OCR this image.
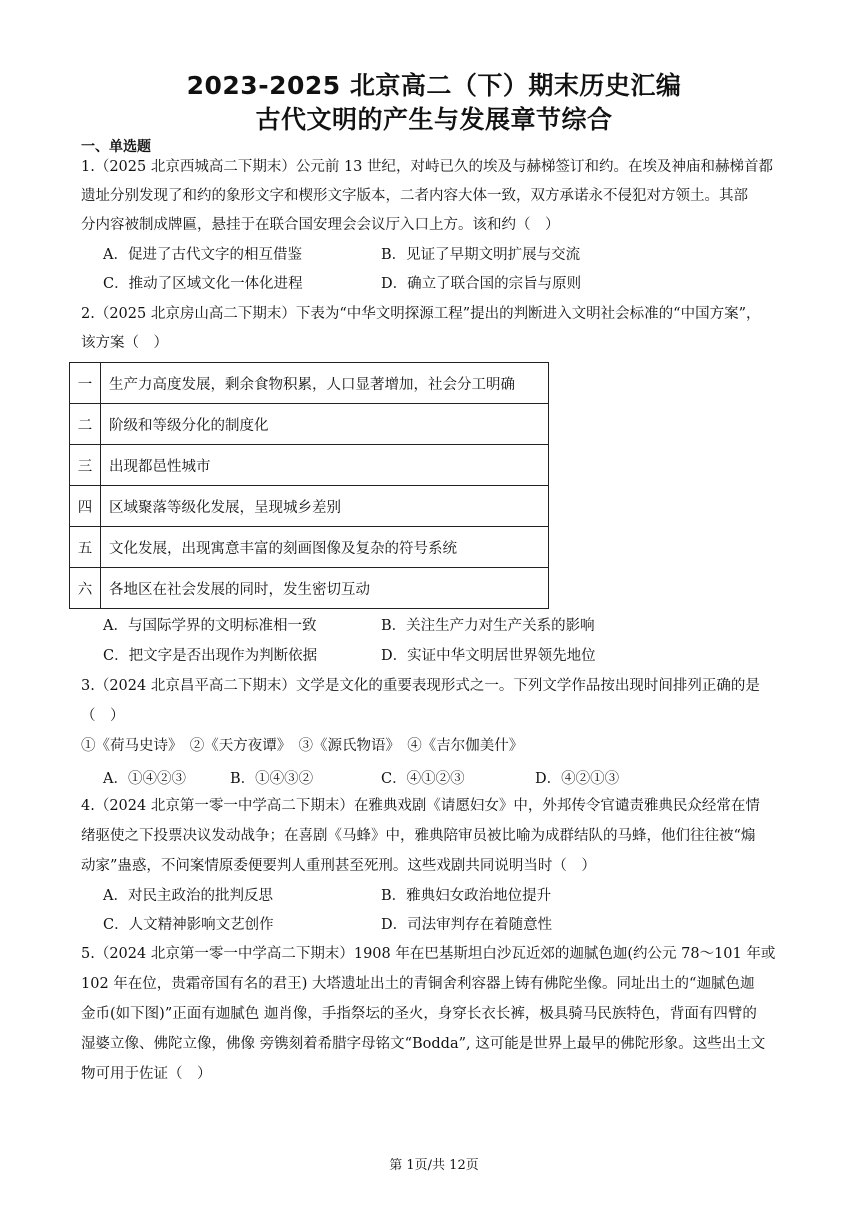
2023-2025 北京高二（下）期末历史汇编
古代文明的产生与发展章节综合
一、单选题
1.（2025 北京西城高二下期末）公元前 13 世纪，对峙已久的埃及与赫梯签订和约。在埃及神庙和赫梯首都
遗址分别发现了和约的象形文字和楔形文字版本，二者内容大体一致，双方承诺永不侵犯对方领土。其部
分内容被制成牌匾，悬挂于在联合国安理会会议厅入口上方。该和约（　）
A．促进了古代文字的相互借鉴	B．见证了早期文明扩展与交流
C．推动了区域文化一体化进程	D．确立了联合国的宗旨与原则
2.（2025 北京房山高二下期末）下表为“中华文明探源工程”提出的判断进入文明社会标准的“中国方案”，
该方案（　）
一	生产力高度发展，剩余食物积累，人口显著增加，社会分工明确
二	阶级和等级分化的制度化
三	出现都邑性城市
四	区域聚落等级化发展，呈现城乡差别
五	文化发展，出现寓意丰富的刻画图像及复杂的符号系统
六	各地区在社会发展的同时，发生密切互动
A．与国际学界的文明标准相一致	B．关注生产力对生产关系的影响
C．把文字是否出现作为判断依据	D．实证中华文明居世界领先地位
3.（2024 北京昌平高二下期末）文学是文化的重要表现形式之一。下列文学作品按出现时间排列正确的是
（　）
①《荷马史诗》　②《天方夜谭》　③《源氏物语》　④《吉尔伽美什》
A．①④②③	B．①④③②	C．④①②③	D．④②①③
4.（2024 北京第一零一中学高二下期末）在雅典戏剧《请愿妇女》中，外邦传令官谴责雅典民众经常在情
绪驱使之下投票决议发动战争；在喜剧《马蜂》中，雅典陪审员被比喻为成群结队的马蜂，他们往往被“煽
动家”蛊惑，不问案情原委便要判人重刑甚至死刑。这些戏剧共同说明当时（　）
A．对民主政治的批判反思	B．雅典妇女政治地位提升
C．人文精神影响文艺创作	D．司法审判存在着随意性
5.（2024 北京第一零一中学高二下期末）1908 年在巴基斯坦白沙瓦近郊的迦腻色迦(约公元 78～101 年或
102 年在位，贵霜帝国有名的君王) 大塔遗址出土的青铜舍利容器上铸有佛陀坐像。同址出土的“迦腻色迦
金币(如下图)”正面有迦腻色 迦肖像，手指祭坛的圣火，身穿长衣长裤，极具骑马民族特色，背面有四臂的
湿婆立像、佛陀立像，佛像 旁镌刻着希腊字母铭文“Bodda”, 这可能是世界上最早的佛陀形象。这些出土文
物可用于佐证（　）
第 1页/共 12页
